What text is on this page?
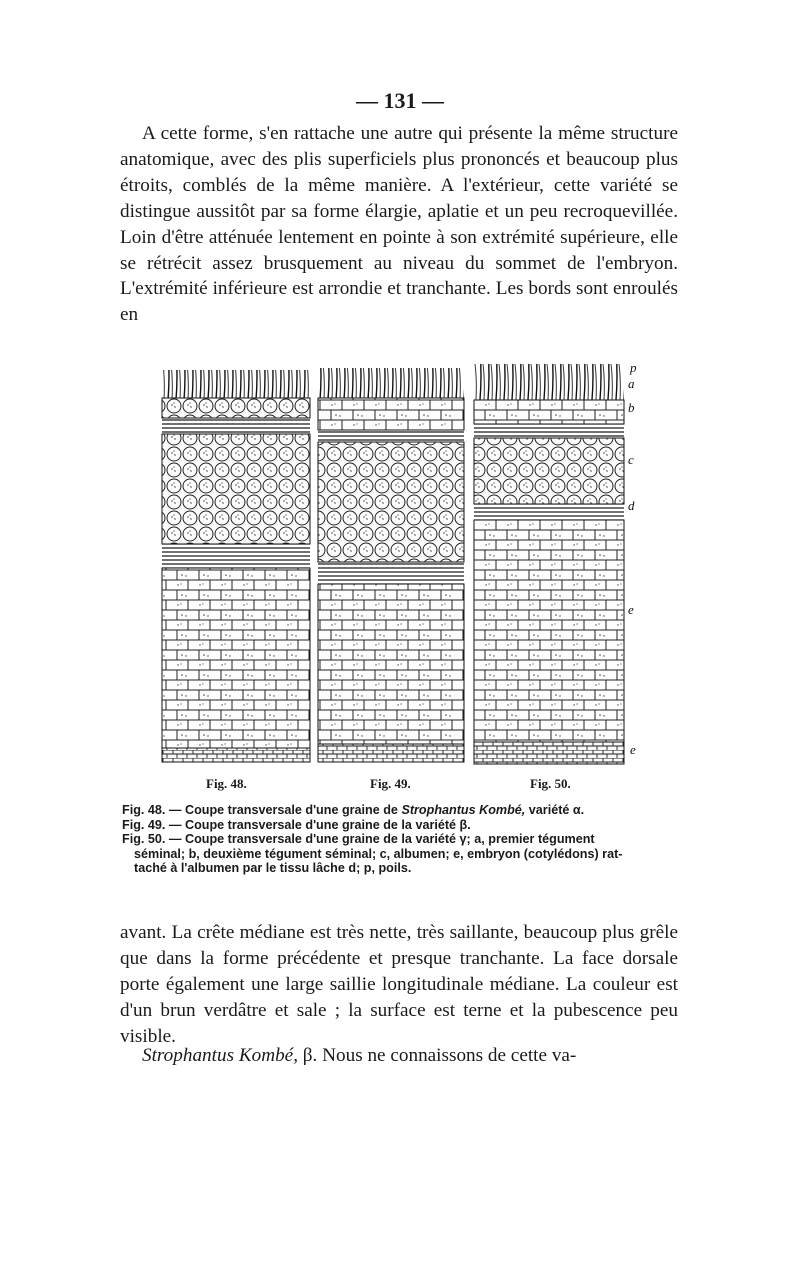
— 131 —
A cette forme, s'en rattache une autre qui présente la même structure anatomique, avec des plis superficiels plus prononcés et beaucoup plus étroits, comblés de la même manière. A l'extérieur, cette variété se distingue aussitôt par sa forme élargie, aplatie et un peu recroquevillée. Loin d'être atténuée lentement en pointe à son extrémité supérieure, elle se rétrécit assez brusquement au niveau du sommet de l'embryon. L'extrémité inférieure est arrondie et tranchante. Les bords sont enroulés en
p
a
b
c
d
e
e
Fig. 48.	Fig. 49.	Fig. 50.
Fig. 48. — Coupe transversale d'une graine de Strophantus Kombé, variété α.
Fig. 49. — Coupe transversale d'une graine de la variété β.
Fig. 50. — Coupe transversale d'une graine de la variété γ; a, premier tégument
séminal; b, deuxième tégument séminal; c, albumen; e, embryon (cotylédons) rat-
taché à l'albumen par le tissu lâche d; p, poils.
avant. La crête médiane est très nette, très saillante, beaucoup plus grêle que dans la forme précédente et presque tranchante. La face dorsale porte également une large saillie longitudinale médiane. La couleur est d'un brun verdâtre et sale ; la surface est terne et la pubescence peu visible.
Strophantus Kombé, β. Nous ne connaissons de cette va-
